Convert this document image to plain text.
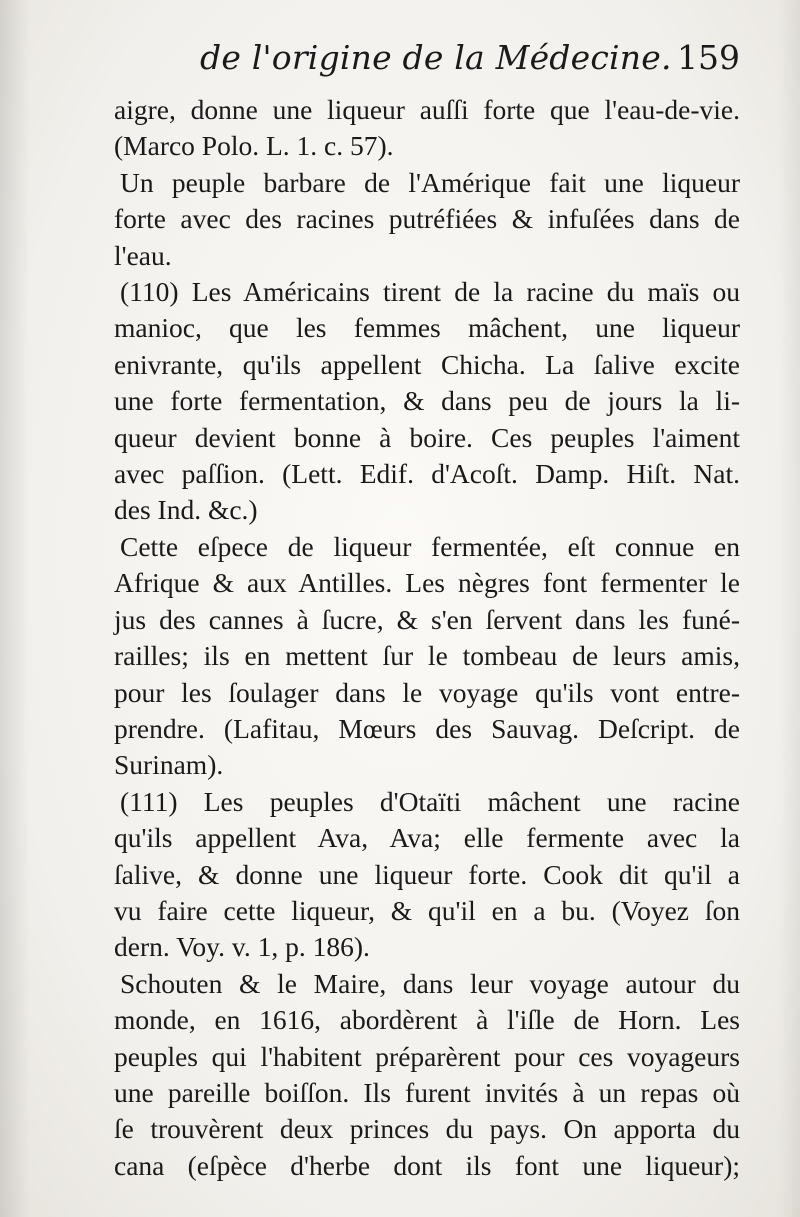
de l'origine de la Médecine. 159
aigre, donne une liqueur auſſi forte que l'eau-de-vie.
(Marco Polo. L. 1. c. 57).
Un peuple barbare de l'Amérique fait une liqueur
forte avec des racines putréfiées & infuſées dans de
l'eau.
(110) Les Américains tirent de la racine du maïs ou
manioc, que les femmes mâchent, une liqueur
enivrante, qu'ils appellent Chicha. La ſalive excite
une forte fermentation, & dans peu de jours la li-
queur devient bonne à boire. Ces peuples l'aiment
avec paſſion. (Lett. Edif. d'Acoſt. Damp. Hiſt. Nat.
des Ind. &c.)
Cette eſpece de liqueur fermentée, eſt connue en
Afrique & aux Antilles. Les nègres font fermenter le
jus des cannes à ſucre, & s'en ſervent dans les funé-
railles; ils en mettent ſur le tombeau de leurs amis,
pour les ſoulager dans le voyage qu'ils vont entre-
prendre. (Lafitau, Mœurs des Sauvag. Deſcript. de
Surinam).
(111) Les peuples d'Otaïti mâchent une racine
qu'ils appellent Ava, Ava; elle fermente avec la
ſalive, & donne une liqueur forte. Cook dit qu'il a
vu faire cette liqueur, & qu'il en a bu. (Voyez ſon
dern. Voy. v. 1, p. 186).
Schouten & le Maire, dans leur voyage autour du
monde, en 1616, abordèrent à l'iſle de Horn. Les
peuples qui l'habitent préparèrent pour ces voyageurs
une pareille boiſſon. Ils furent invités à un repas où
ſe trouvèrent deux princes du pays. On apporta du
cana (eſpèce d'herbe dont ils font une liqueur);
